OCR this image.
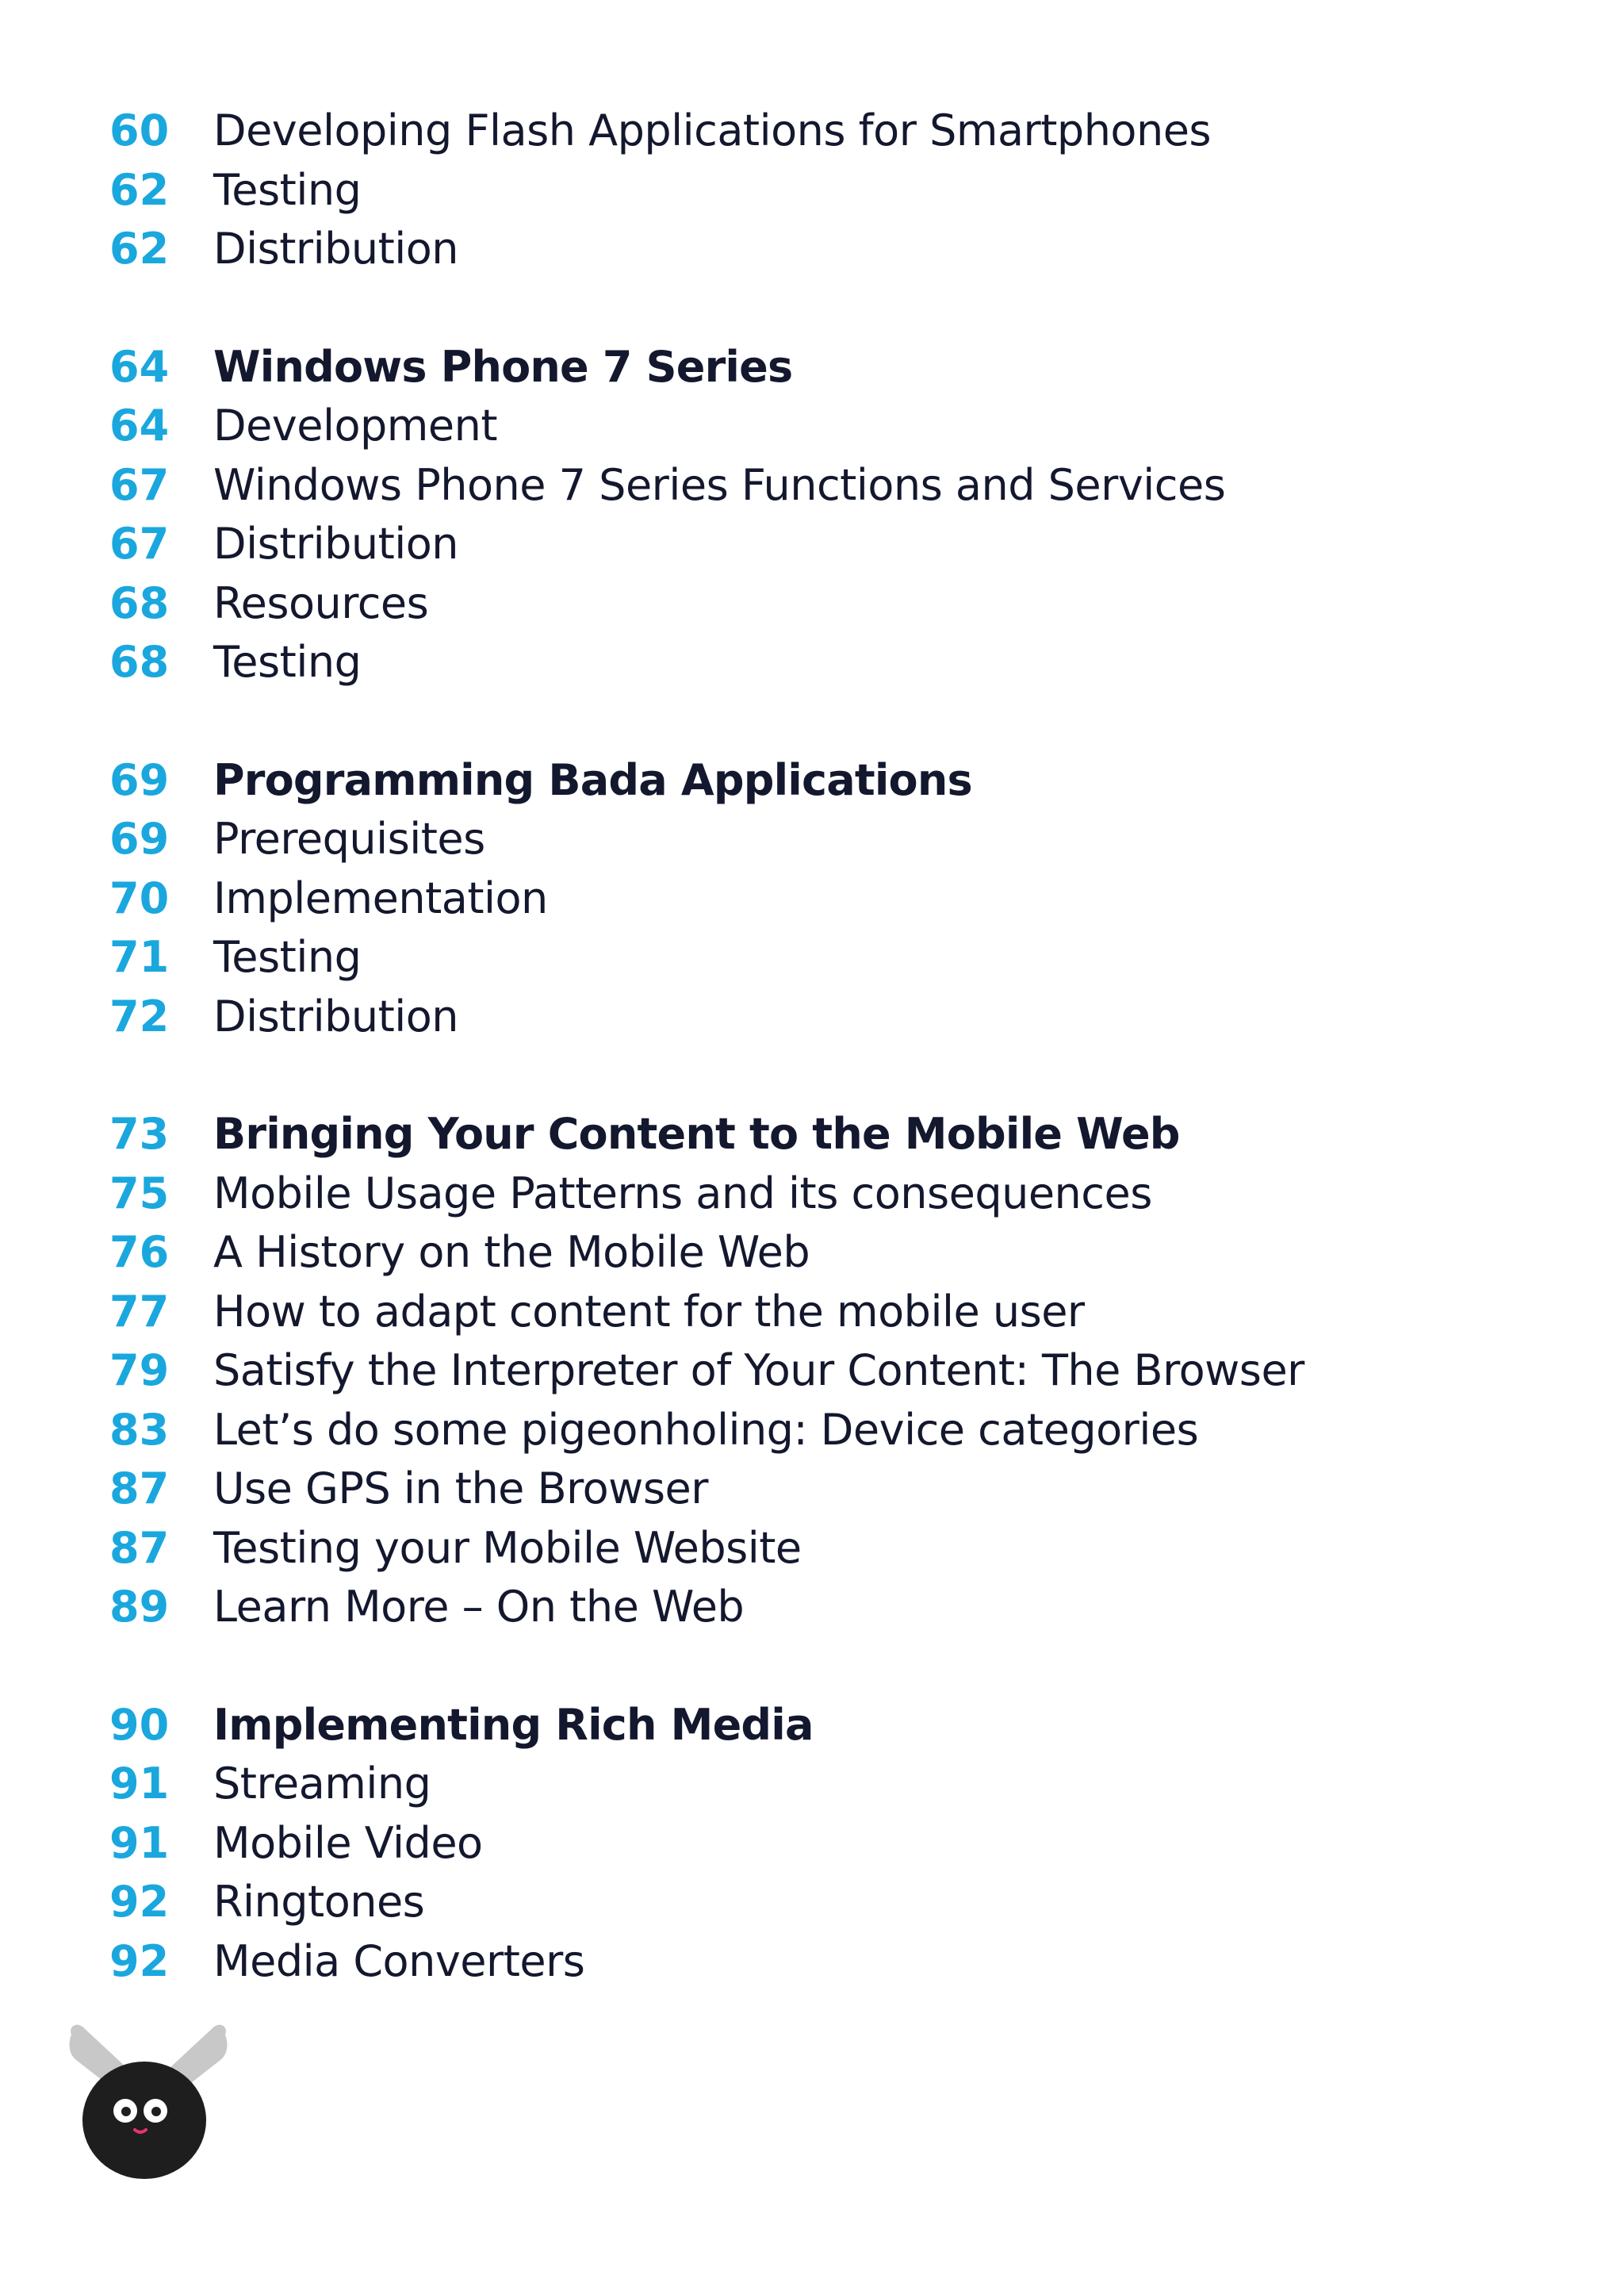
60	Developing Flash Applications for Smartphones
62	Testing
62	Distribution
64	Windows Phone 7 Series
64	Development
67	Windows Phone 7 Series Functions and Services
67	Distribution
68	Resources
68	Testing
69	Programming Bada Applications
69	Prerequisites
70	Implementation
71	Testing
72	Distribution
73	Bringing Your Content to the Mobile Web
75	Mobile Usage Patterns and its consequences
76	A History on the Mobile Web
77	How to adapt content for the mobile user
79	Satisfy the Interpreter of Your Content: The Browser
83	Let’s do some pigeonholing: Device categories
87	Use GPS in the Browser
87	Testing your Mobile Website
89	Learn More – On the Web
90	Implementing Rich Media
91	Streaming
91	Mobile Video
92	Ringtones
92	Media Converters
